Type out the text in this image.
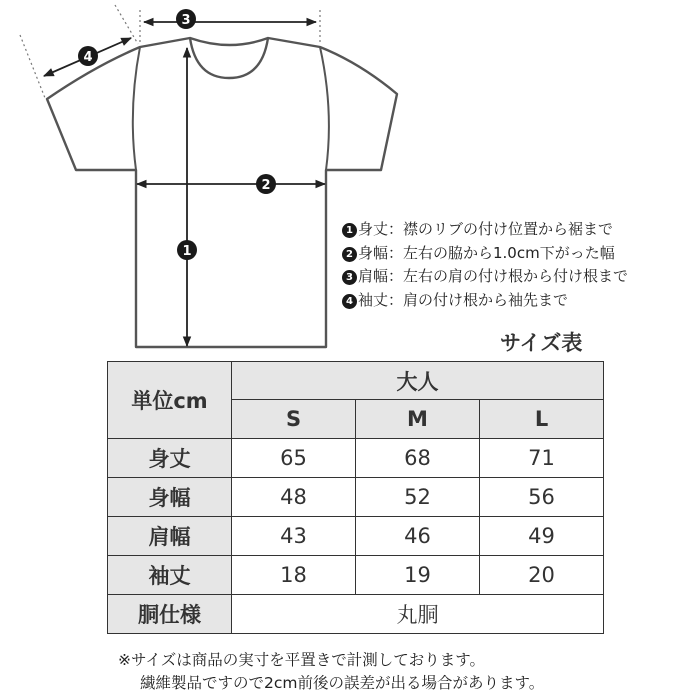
3
4
2
1
1 身丈：襟のリブの付け位置から裾まで
2 身幅：左右の脇から1.0cm下がった幅
3 肩幅：左右の肩の付け根から付け根まで
4 袖丈：肩の付け根から袖先まで
サイズ表
単位cm	大人		
	S	M	L
身丈	65	68	71
身幅	48	52	56
肩幅	43	46	49
袖丈	18	19	20
胴仕様	丸胴		
※サイズは商品の実寸を平置きで計測しております。
繊維製品ですので2cm前後の誤差が出る場合があります。
